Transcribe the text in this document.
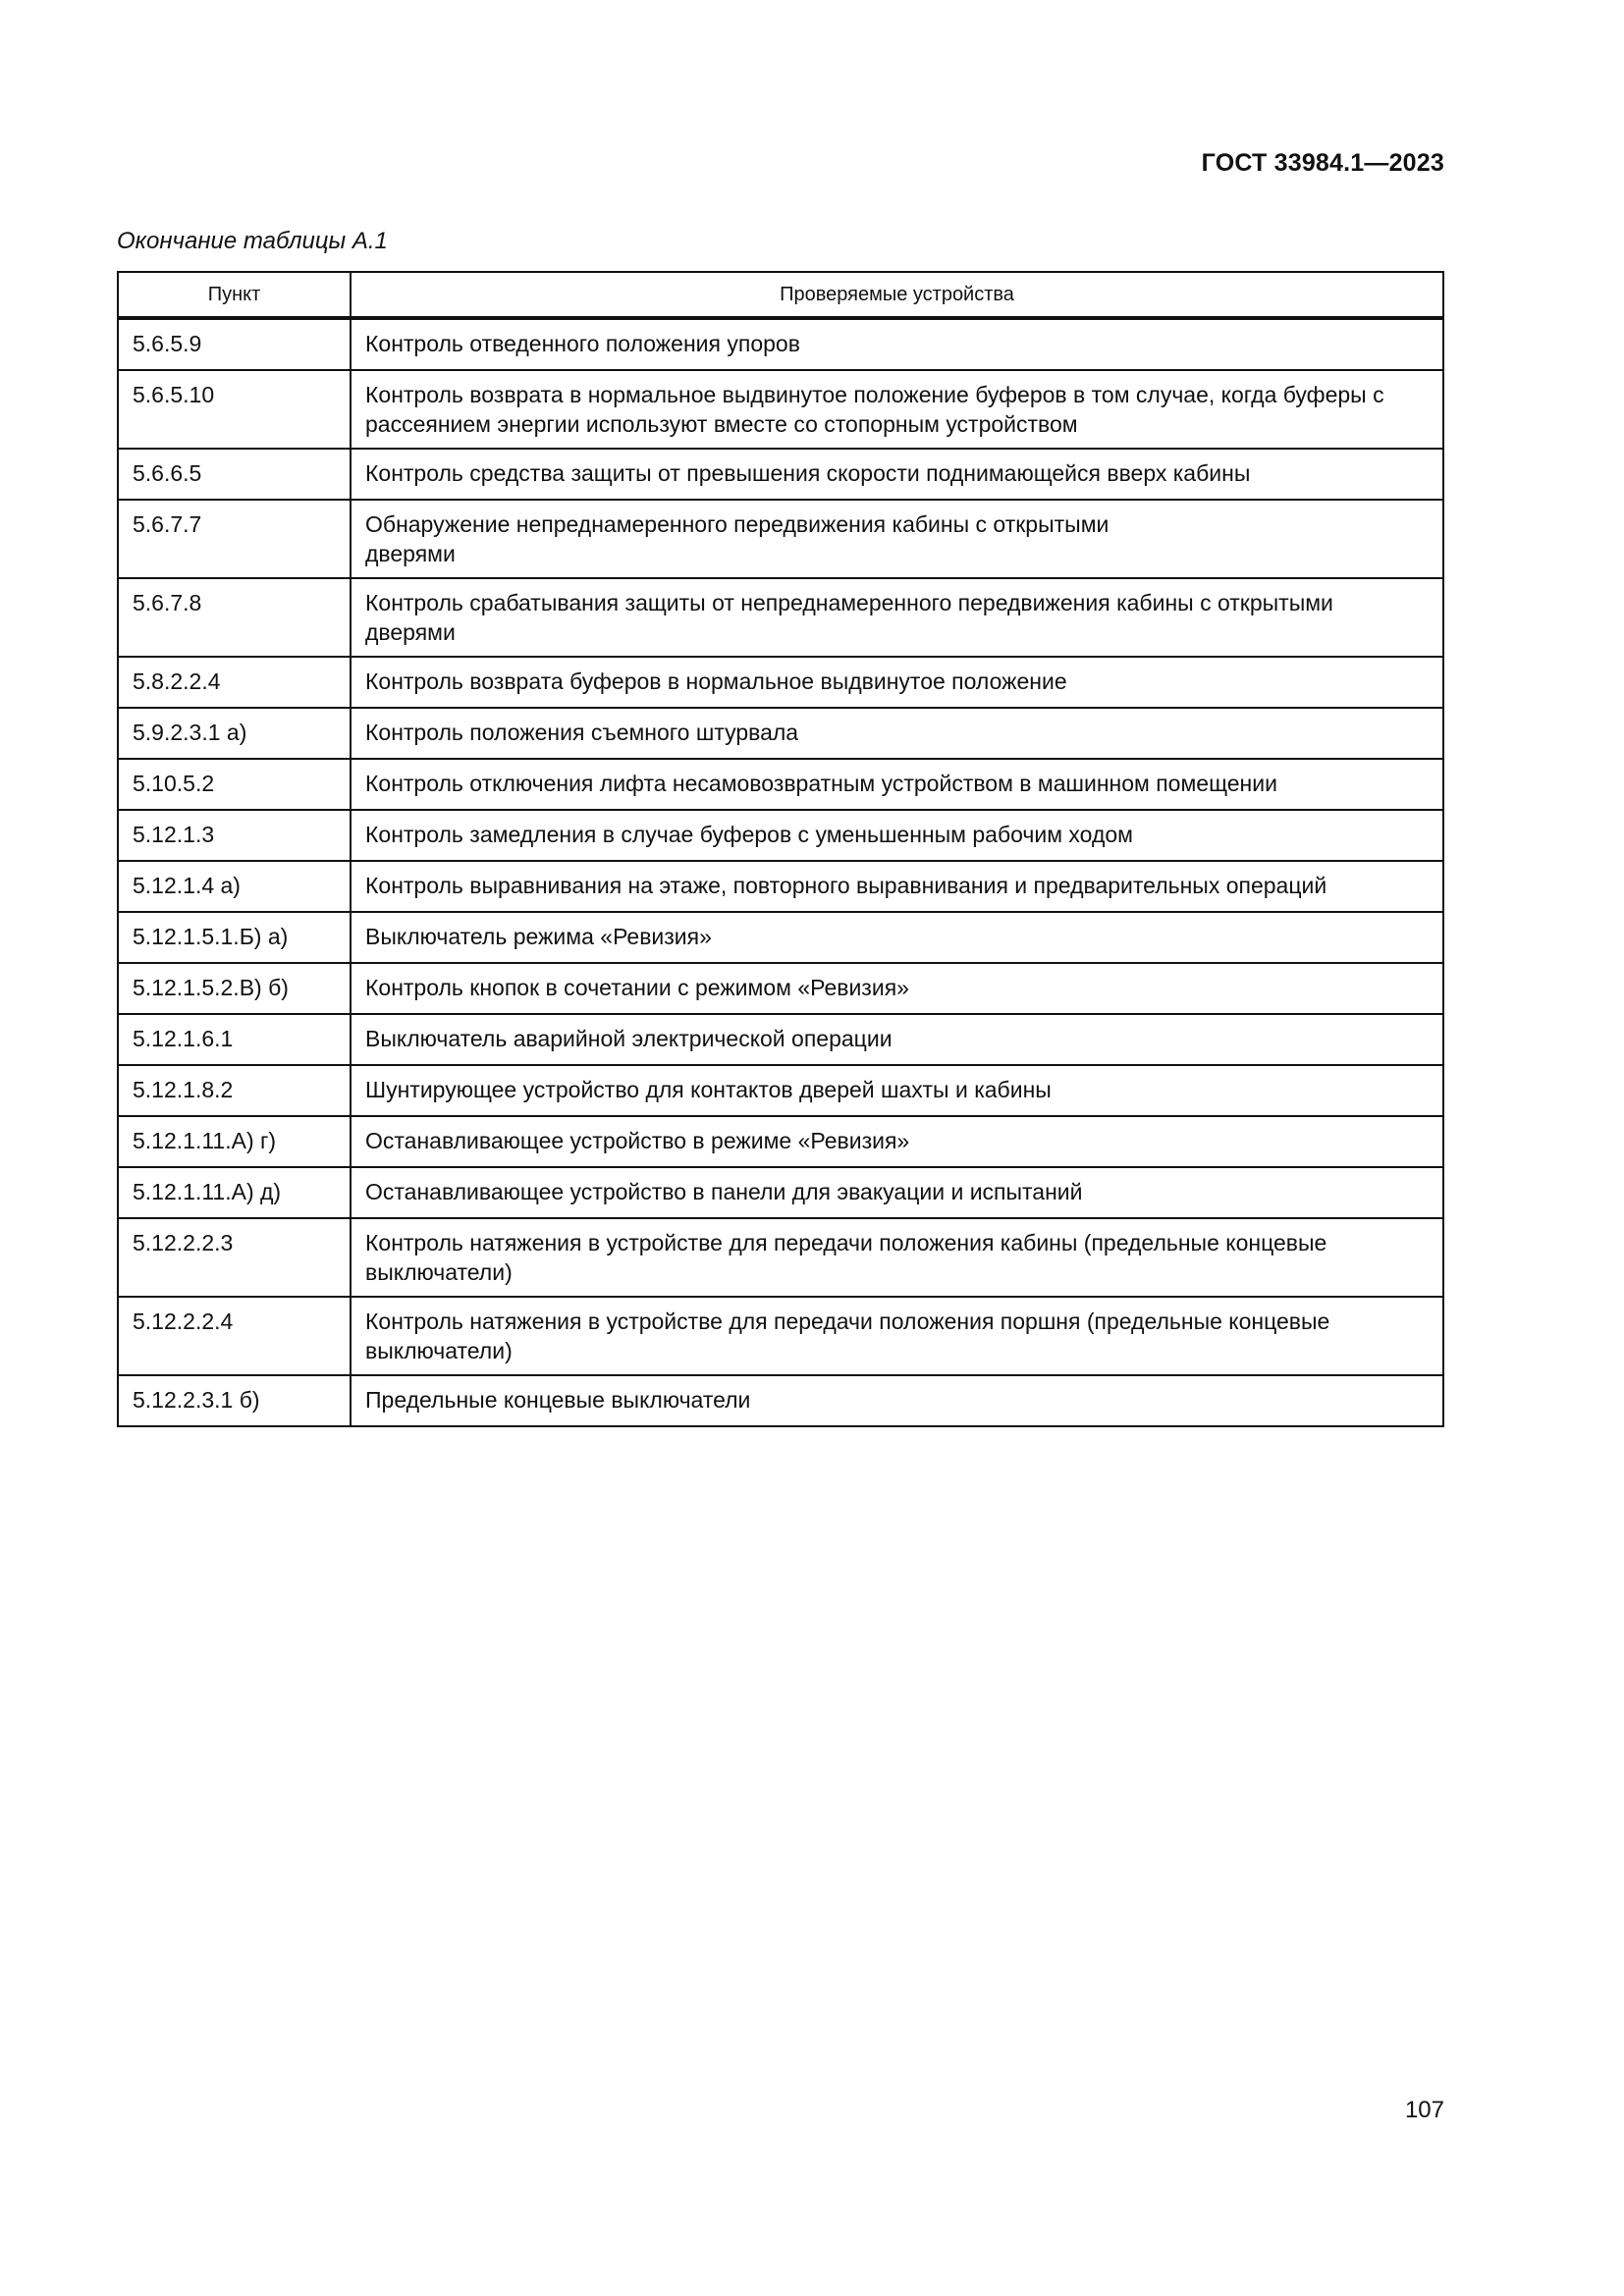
ГОСТ 33984.1—2023
Окончание таблицы А.1
Пункт	Проверяемые устройства
5.6.5.9	Контроль отведенного положения упоров
5.6.5.10	Контроль возврата в нормальное выдвинутое положение буферов в том случае, когда буферы с рассеянием энергии используют вместе со стопорным устройством
5.6.6.5	Контроль средства защиты от превышения скорости поднимающейся вверх кабины
5.6.7.7	Обнаружение непреднамеренного передвижения кабины с открытыми дверями
5.6.7.8	Контроль срабатывания защиты от непреднамеренного передвижения кабины с открытыми дверями
5.8.2.2.4	Контроль возврата буферов в нормальное выдвинутое положение
5.9.2.3.1 а)	Контроль положения съемного штурвала
5.10.5.2	Контроль отключения лифта несамовозвратным устройством в машинном помещении
5.12.1.3	Контроль замедления в случае буферов с уменьшенным рабочим ходом
5.12.1.4 а)	Контроль выравнивания на этаже, повторного выравнивания и предварительных операций
5.12.1.5.1.Б) а)	Выключатель режима «Ревизия»
5.12.1.5.2.В) б)	Контроль кнопок в сочетании с режимом «Ревизия»
5.12.1.6.1	Выключатель аварийной электрической операции
5.12.1.8.2	Шунтирующее устройство для контактов дверей шахты и кабины
5.12.1.11.А) г)	Останавливающее устройство в режиме «Ревизия»
5.12.1.11.А) д)	Останавливающее устройство в панели для эвакуации и испытаний
5.12.2.2.3	Контроль натяжения в устройстве для передачи положения кабины (предельные концевые выключатели)
5.12.2.2.4	Контроль натяжения в устройстве для передачи положения поршня (предельные концевые выключатели)
5.12.2.3.1 б)	Предельные концевые выключатели
107
